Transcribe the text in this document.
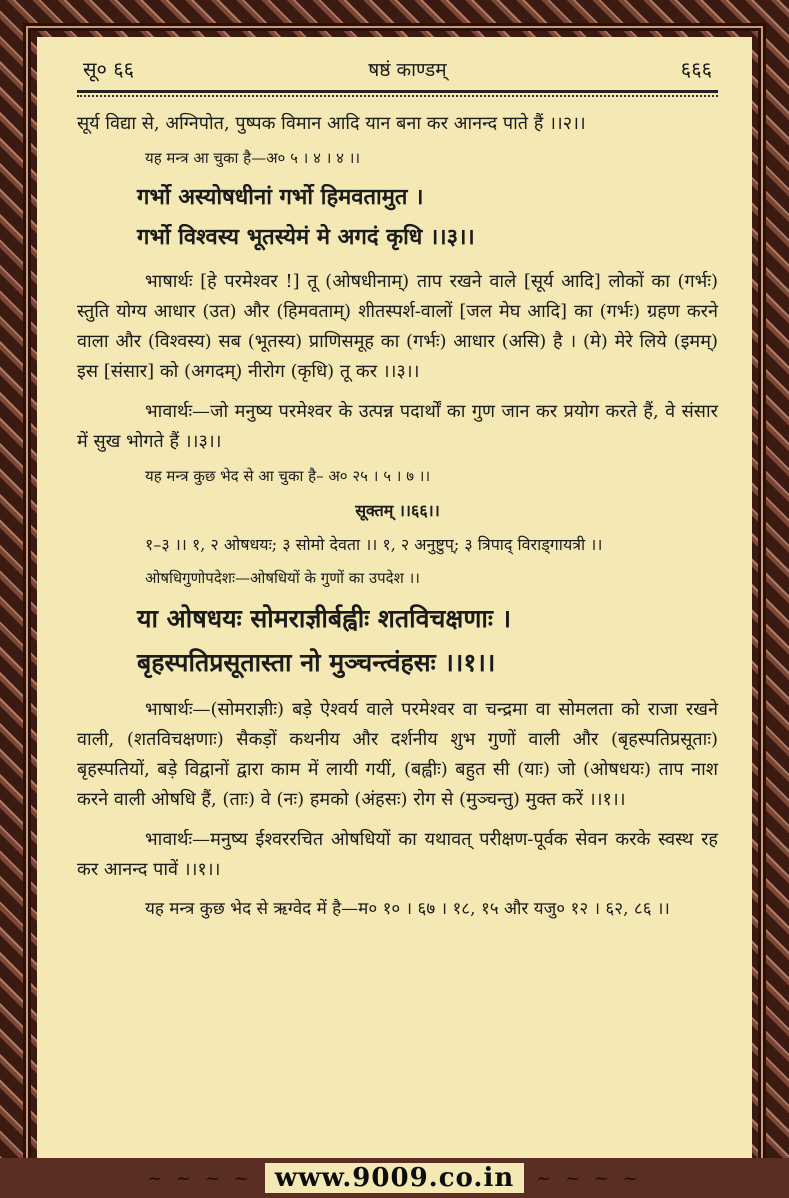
सू० ६६	षष्ठं काण्डम्	६६६

सूर्य विद्या से, अग्निपोत, पुष्पक विमान आदि यान बना कर आनन्द पाते हैं ।।२।।

यह मन्त्र आ चुका है—अ० ५ । ४ । ४ ।।

गर्भो अस्योषधीनां गर्भो हिमवतामुत ।

गर्भो विश्वस्य भूतस्येमं मे अगदं कृधि ।।३।।

भाषार्थः [हे परमेश्वर !] तू (ओषधीनाम्) ताप रखने वाले [सूर्य आदि] लोकों का (गर्भः) स्तुति योग्य आधार (उत) और (हिमवताम्) शीतस्पर्श-वालों [जल मेघ आदि] का (गर्भः) ग्रहण करने वाला और (विश्वस्य) सब (भूतस्य) प्राणिसमूह का (गर्भः) आधार (असि) है । (मे) मेरे लिये (इमम्) इस [संसार] को (अगदम्) नीरोग (कृधि) तू कर ।।३।।

भावार्थः—जो मनुष्य परमेश्वर के उत्पन्न पदार्थों का गुण जान कर प्रयोग करते हैं, वे संसार में सुख भोगते हैं ।।३।।

यह मन्त्र कुछ भेद से आ चुका है– अ० २५ । ५ । ७ ।।

सूक्तम् ।।६६।।

१–३ ।। १, २ ओषधयः; ३ सोमो देवता ।। १, २ अनुष्टुप्; ३ त्रिपाद् विराड्गायत्री ।।

ओषधिगुणोपदेशः—ओषधियों के गुणों का उपदेश ।।

या ओषधयः सोमराज्ञीर्बह्वीः शतविचक्षणाः ।

बृहस्पतिप्रसूतास्ता नो मुञ्चन्त्वंहसः ।।१।।

भाषार्थः—(सोमराज्ञीः) बड़े ऐश्वर्य वाले परमेश्वर वा चन्द्रमा वा सोमलता को राजा रखने वाली, (शतविचक्षणाः) सैकड़ों कथनीय और दर्शनीय शुभ गुणों वाली और (बृहस्पतिप्रसूताः) बृहस्पतियों, बड़े विद्वानों द्वारा काम में लायी गयीं, (बह्वीः) बहुत सी (याः) जो (ओषधयः) ताप नाश करने वाली ओषधि हैं, (ताः) वे (नः) हमको (अंहसः) रोग से (मुञ्चन्तु) मुक्त करें ।।१।।

भावार्थः—मनुष्य ईश्वररचित ओषधियों का यथावत् परीक्षण-पूर्वक सेवन करके स्वस्थ रह कर आनन्द पावें ।।१।।

यह मन्त्र कुछ भेद से ऋग्वेद में है—म० १० । ६७ । १८, १५ और यजु० १२ । ६२, ८६ ।।

~ ~ ~ ~ www.9009.co.in	~ ~ ~ ~
